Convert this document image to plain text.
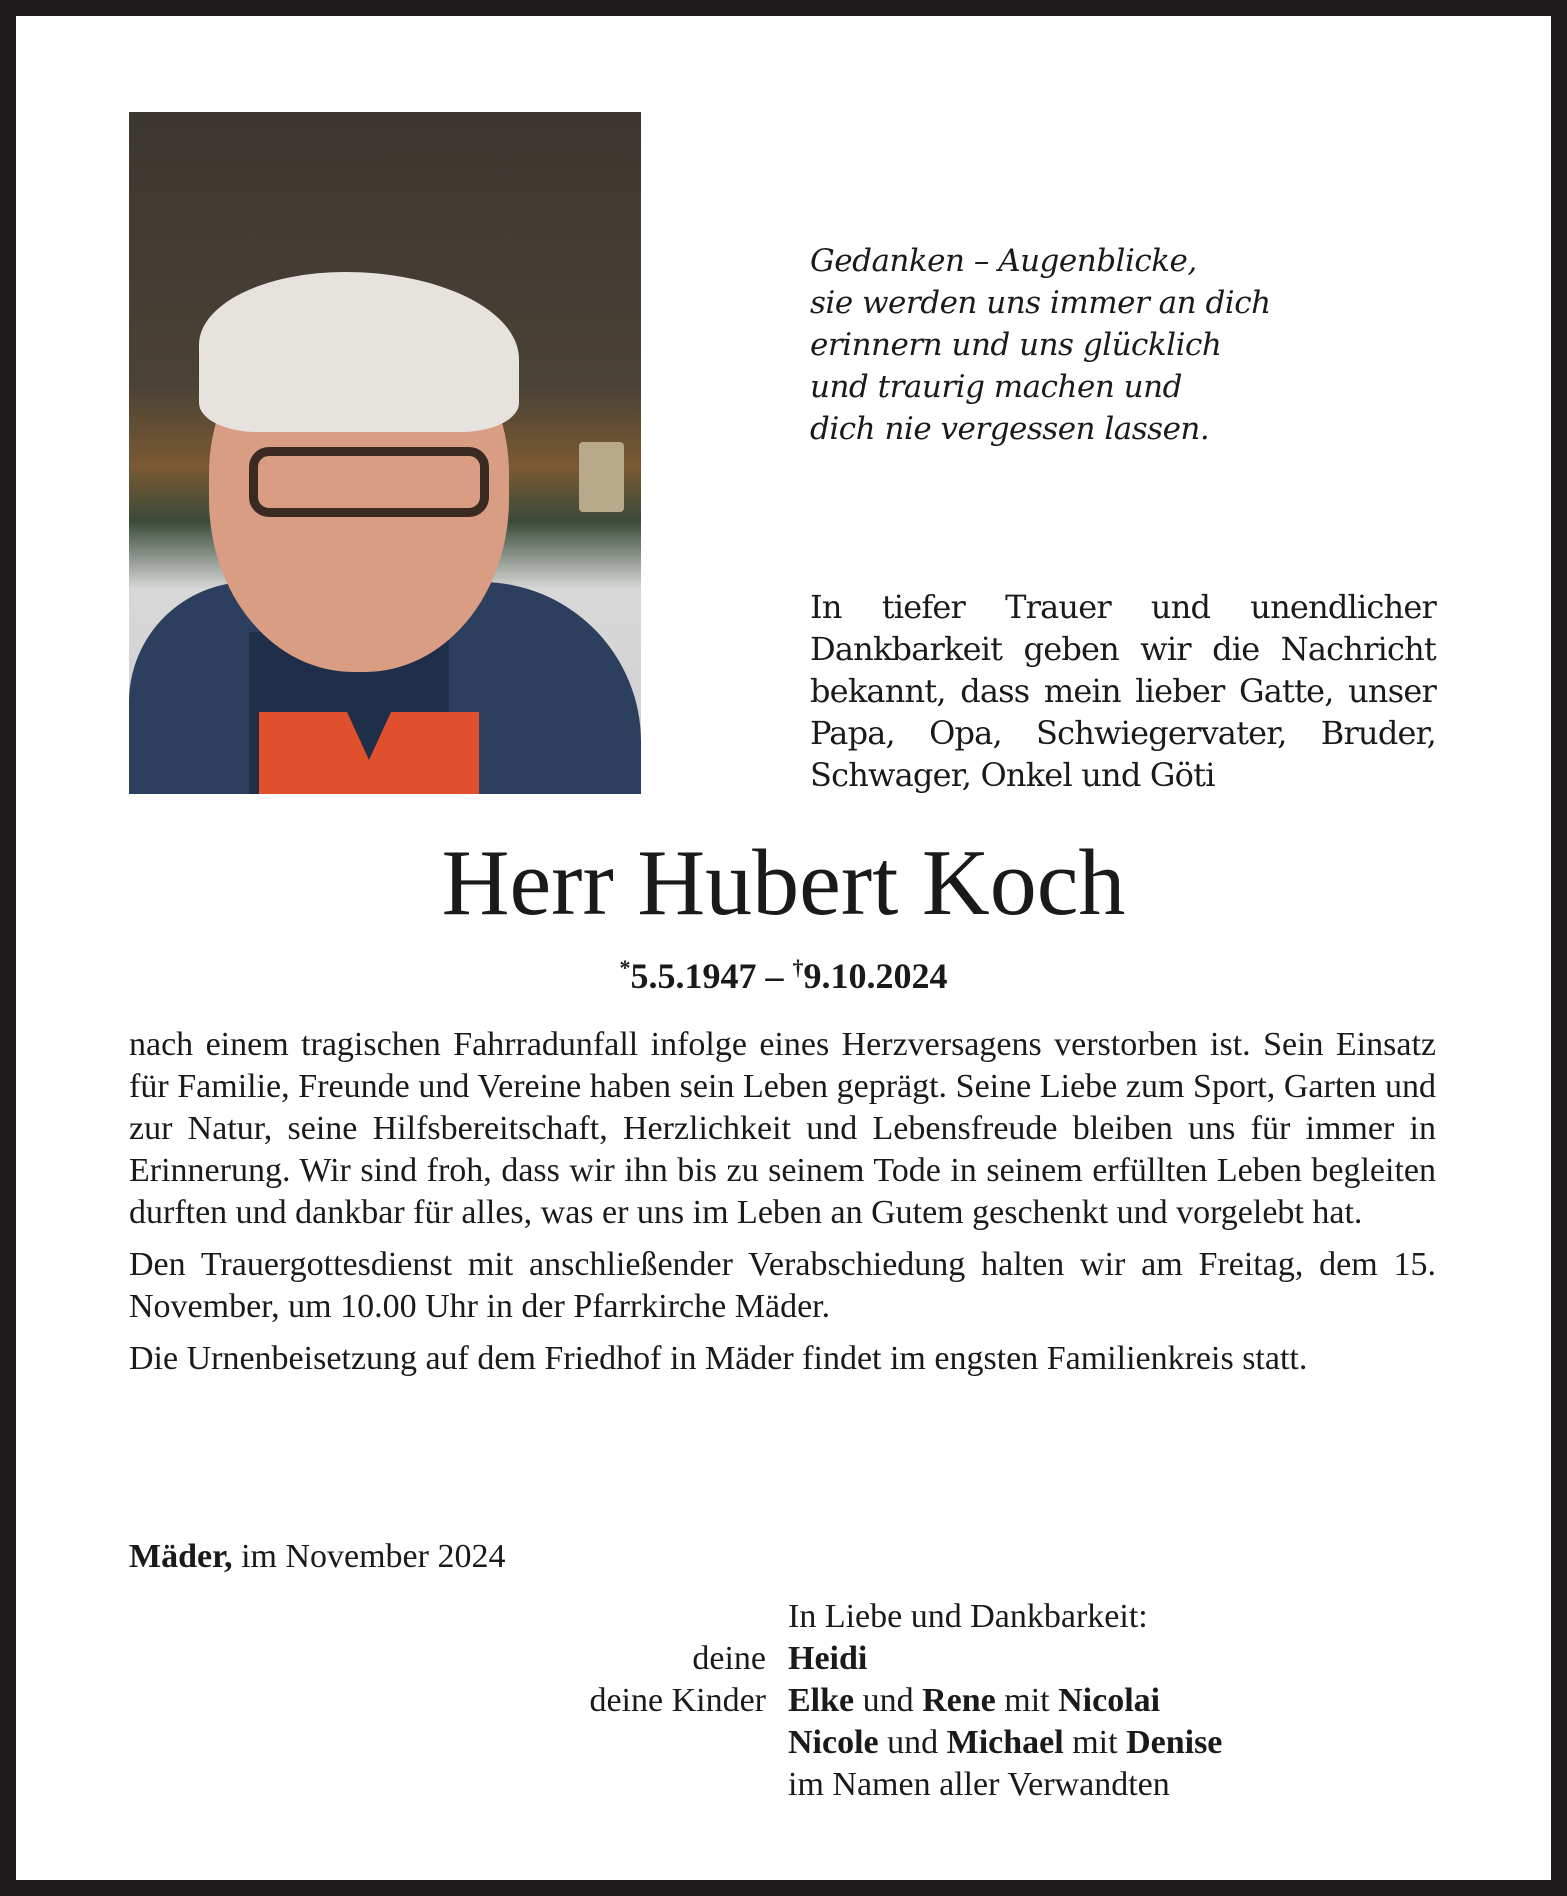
Gedanken – Augenblicke,
sie werden uns immer an dich
erinnern und uns glücklich
und traurig machen und
dich nie vergessen lassen.
In tiefer Trauer und unendlicher Dankbarkeit geben wir die Nachricht bekannt, dass mein lieber Gatte, unser Papa, Opa, Schwiegervater, Bruder, Schwager, Onkel und Göti
Herr Hubert Koch
*5.5.1947 – †9.10.2024

nach einem tragischen Fahrradunfall infolge eines Herzversagens verstorben ist. Sein Einsatz für Familie, Freunde und Vereine haben sein Leben geprägt. Seine Liebe zum Sport, Garten und zur Natur, seine Hilfsbereitschaft, Herzlichkeit und Lebensfreude bleiben uns für immer in Erinnerung. Wir sind froh, dass wir ihn bis zu seinem Tode in seinem erfüllten Leben begleiten durften und dankbar für alles, was er uns im Leben an Gutem geschenkt und vorgelebt hat.

Den Trauergottesdienst mit anschließender Verabschiedung halten wir am Freitag, dem 15. November, um 10.00 Uhr in der Pfarrkirche Mäder.

Die Urnenbeisetzung auf dem Friedhof in Mäder findet im engsten Familienkreis statt.

Mäder, im November 2024
In Liebe und Dankbarkeit:
deine Heidi
deine Kinder Elke und Rene mit Nicolai
Nicole und Michael mit Denise
im Namen aller Verwandten
